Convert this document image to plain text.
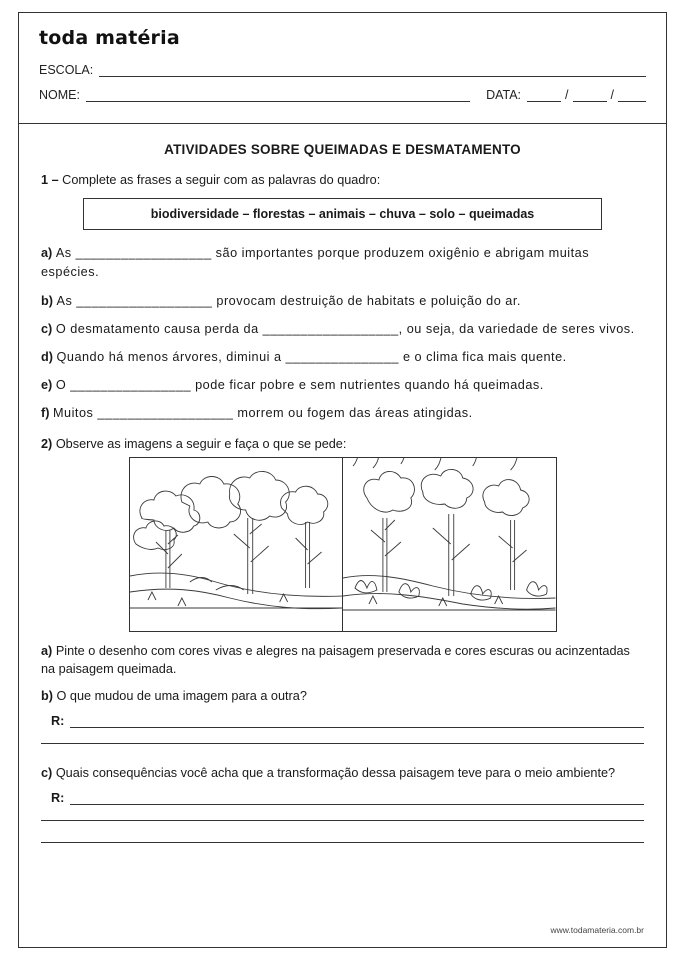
toda matéria
ESCOLA:
NOME:	DATA:	/	/
ATIVIDADES SOBRE QUEIMADAS E DESMATAMENTO
1 – Complete as frases a seguir com as palavras do quadro:
biodiversidade – florestas – animais – chuva – solo – queimadas
a) As __________________ são importantes porque produzem oxigênio e abrigam muitas espécies.
b) As __________________ provocam destruição de habitats e poluição do ar.
c) O desmatamento causa perda da __________________, ou seja, da variedade de seres vivos.
d) Quando há menos árvores, diminui a _______________ e o clima fica mais quente.
e) O ________________ pode ficar pobre e sem nutrientes quando há queimadas.
f) Muitos __________________ morrem ou fogem das áreas atingidas.
2) Observe as imagens a seguir e faça o que se pede:
a) Pinte o desenho com cores vivas e alegres na paisagem preservada e cores escuras ou acinzentadas na paisagem queimada.
b) O que mudou de uma imagem para a outra?
R:
c) Quais consequências você acha que a transformação dessa paisagem teve para o meio ambiente?
R:
www.todamateria.com.br
